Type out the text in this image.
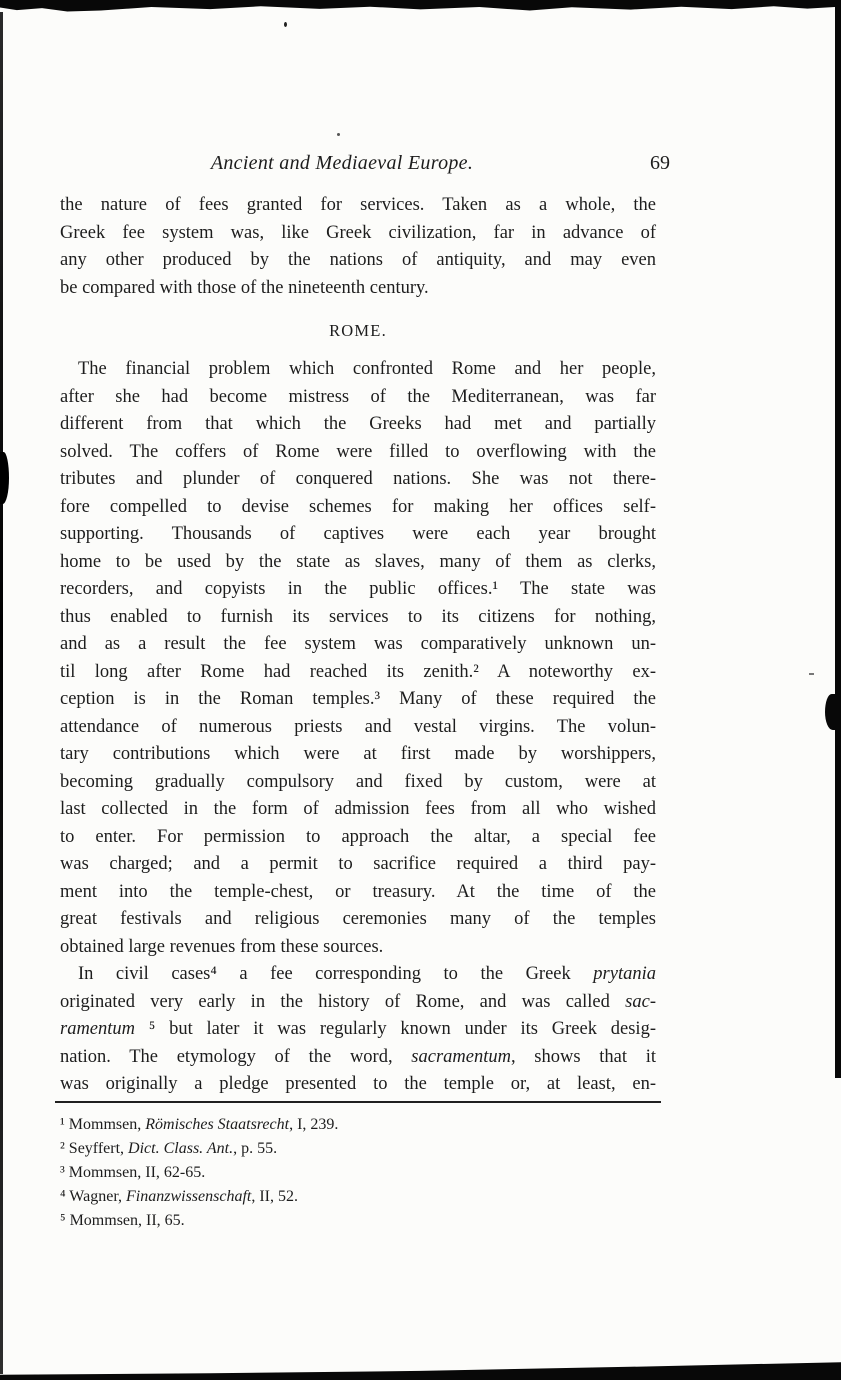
Ancient and Mediaeval Europe.	69
the nature of fees granted for services. Taken as a whole, the
Greek fee system was, like Greek civilization, far in advance of
any other produced by the nations of antiquity, and may even
be compared with those of the nineteenth century.
ROME.
The financial problem which confronted Rome and her people,
after she had become mistress of the Mediterranean, was far
different from that which the Greeks had met and partially
solved. The coffers of Rome were filled to overflowing with the
tributes and plunder of conquered nations. She was not there-
fore compelled to devise schemes for making her offices self-
supporting. Thousands of captives were each year brought
home to be used by the state as slaves, many of them as clerks,
recorders, and copyists in the public offices.¹ The state was
thus enabled to furnish its services to its citizens for nothing,
and as a result the fee system was comparatively unknown un-
til long after Rome had reached its zenith.² A noteworthy ex-
ception is in the Roman temples.³ Many of these required the
attendance of numerous priests and vestal virgins. The volun-
tary contributions which were at first made by worshippers,
becoming gradually compulsory and fixed by custom, were at
last collected in the form of admission fees from all who wished
to enter. For permission to approach the altar, a special fee
was charged; and a permit to sacrifice required a third pay-
ment into the temple-chest, or treasury. At the time of the
great festivals and religious ceremonies many of the temples
obtained large revenues from these sources.
In civil cases⁴ a fee corresponding to the Greek prytania
originated very early in the history of Rome, and was called sac-
ramentum ⁵ but later it was regularly known under its Greek desig-
nation. The etymology of the word, sacramentum, shows that it
was originally a pledge presented to the temple or, at least, en-
¹ Mommsen, Römisches Staatsrecht, I, 239.
² Seyffert, Dict. Class. Ant., p. 55.
³ Mommsen, II, 62-65.
⁴ Wagner, Finanzwissenschaft, II, 52.
⁵ Mommsen, II, 65.
